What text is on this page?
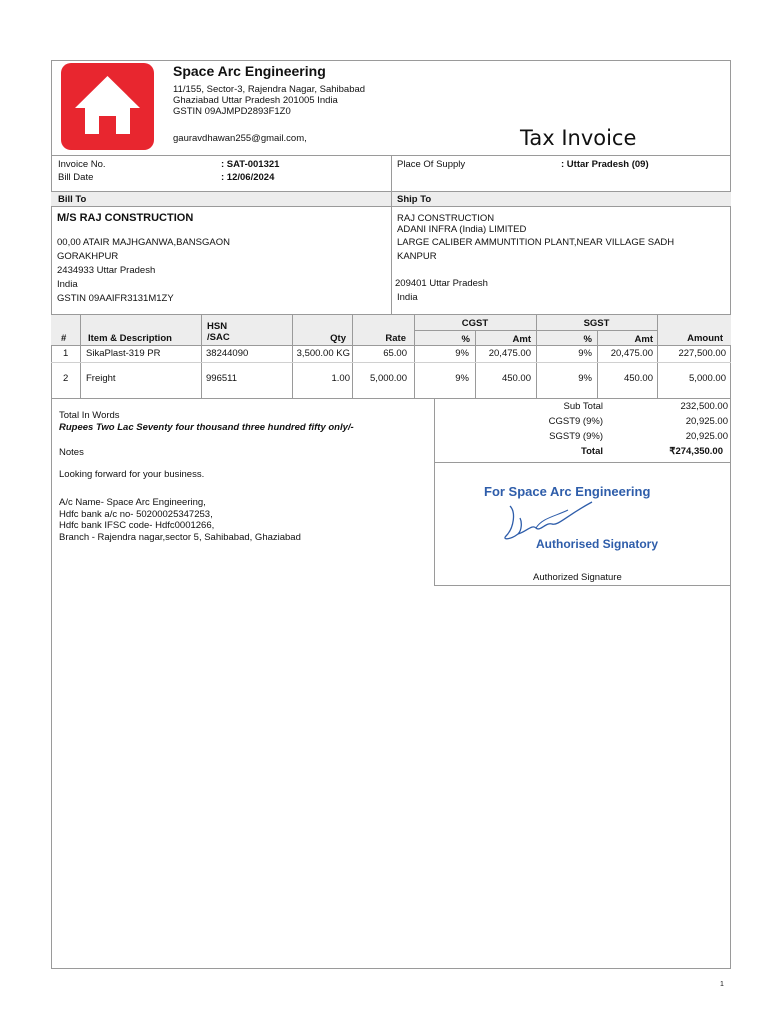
Space Arc Engineering
11/155, Sector-3, Rajendra Nagar, Sahibabad
Ghaziabad Uttar Pradesh 201005 India
GSTIN 09AJMPD2893F1Z0
gauravdhawan255@gmail.com,	Tax Invoice
Invoice No.	: SAT-001321
Bill Date	: 12/06/2024
Place Of Supply	: Uttar Pradesh (09)
Bill To	Ship To
M/S RAJ CONSTRUCTION
00,00 ATAIR MAJHGANWA,BANSGAON
GORAKHPUR
2434933 Uttar Pradesh
India
GSTIN 09AAIFR3131M1ZY
RAJ CONSTRUCTION
ADANI INFRA (India) LIMITED
LARGE CALIBER AMMUNTITION PLANT,NEAR VILLAGE SADH
KANPUR
209401 Uttar Pradesh
India
# Item & Description
HSN
/SAC	Qty	Rate
CGST	SGST
%	Amt	%	Amt	Amount
1 SikaPlast-319 PR	38244090	3,500.00 KG	65.00	9%	20,475.00	9%	20,475.00	227,500.00
2 Freight	996511	1.00	5,000.00	9%	450.00	9%	450.00	5,000.00
Total In Words
Rupees Two Lac Seventy four thousand three hundred fifty only/-
Notes
Looking forward for your business.
A/c Name- Space Arc Engineering,
Hdfc bank a/c no- 50200025347253,
Hdfc bank IFSC code- Hdfc0001266,
Branch - Rajendra nagar,sector 5, Sahibabad, Ghaziabad
Sub Total	232,500.00
CGST9 (9%)	20,925.00
SGST9 (9%)	20,925.00
Total	₹274,350.00
For Space Arc Engineering
Authorised Signatory
Authorized Signature
1
